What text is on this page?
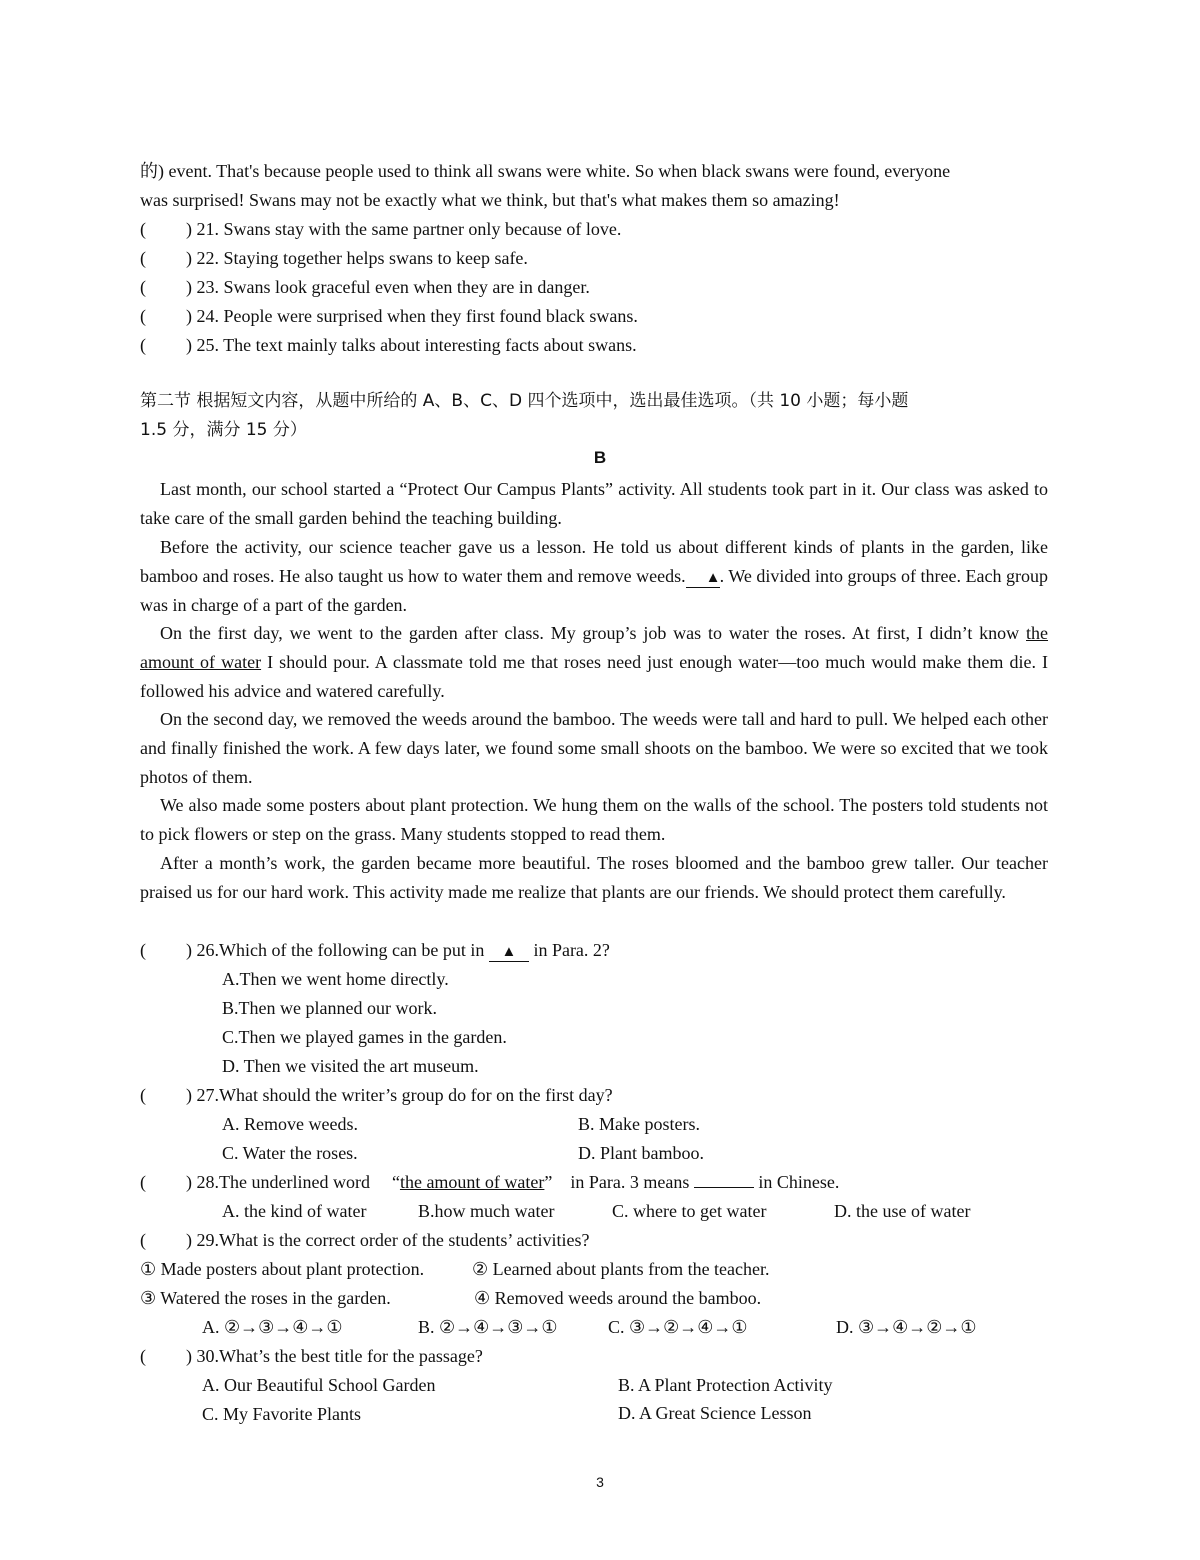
的) event. That's because people used to think all swans were white. So when black swans were found, everyone
was surprised! Swans may not be exactly what we think, but that's what makes them so amazing!
( ) 21. Swans stay with the same partner only because of love.
( ) 22. Staying together helps swans to keep safe.
( ) 23. Swans look graceful even when they are in danger.
( ) 24. People were surprised when they first found black swans.
( ) 25. The text mainly talks about interesting facts about swans.
第二节 根据短文内容，从题中所给的 A、B、C、D 四个选项中，选出最佳选项。（共 10 小题；每小题
1.5 分，满分 15 分）
B
Last month, our school started a “Protect Our Campus Plants” activity. All students took part in it. Our class was asked to take care of the small garden behind the teaching building.
Before the activity, our science teacher gave us a lesson. He told us about different kinds of plants in the garden, like bamboo and roses. He also taught us how to water them and remove weeds. ▲. We divided into groups of three. Each group was in charge of a part of the garden.
On the first day, we went to the garden after class. My group’s job was to water the roses. At first, I didn’t know the amount of water I should pour. A classmate told me that roses need just enough water—too much would make them die. I followed his advice and watered carefully.
On the second day, we removed the weeds around the bamboo. The weeds were tall and hard to pull. We helped each other and finally finished the work. A few days later, we found some small shoots on the bamboo. We were so excited that we took photos of them.
We also made some posters about plant protection. We hung them on the walls of the school. The posters told students not to pick flowers or step on the grass. Many students stopped to read them.
After a month’s work, the garden became more beautiful. The roses bloomed and the bamboo grew taller. Our teacher praised us for our hard work. This activity made me realize that plants are our friends. We should protect them carefully.
( ) 26.Which of the following can be put in ▲ in Para. 2?
A.Then we went home directly.
B.Then we planned our work.
C.Then we played games in the garden.
D. Then we visited the art museum.
( ) 27.What should the writer’s group do for on the first day?
A. Remove weeds.	B. Make posters.
C. Water the roses.	D. Plant bamboo.
( ) 28.The underlined word “the amount of water” in Para. 3 means	in Chinese.
A. the kind of water	B.how much water	C. where to get water	D. the use of water
( ) 29.What is the correct order of the students’ activities?
① Made posters about plant protection.	② Learned about plants from the teacher.
③ Watered the roses in the garden.	④ Removed weeds around the bamboo.
A. ②→③→④→①	B. ②→④→③→①	C. ③→②→④→①	D. ③→④→②→①
( ) 30.What’s the best title for the passage?
A. Our Beautiful School Garden	B. A Plant Protection Activity
C. My Favorite Plants	D. A Great Science Lesson
3
